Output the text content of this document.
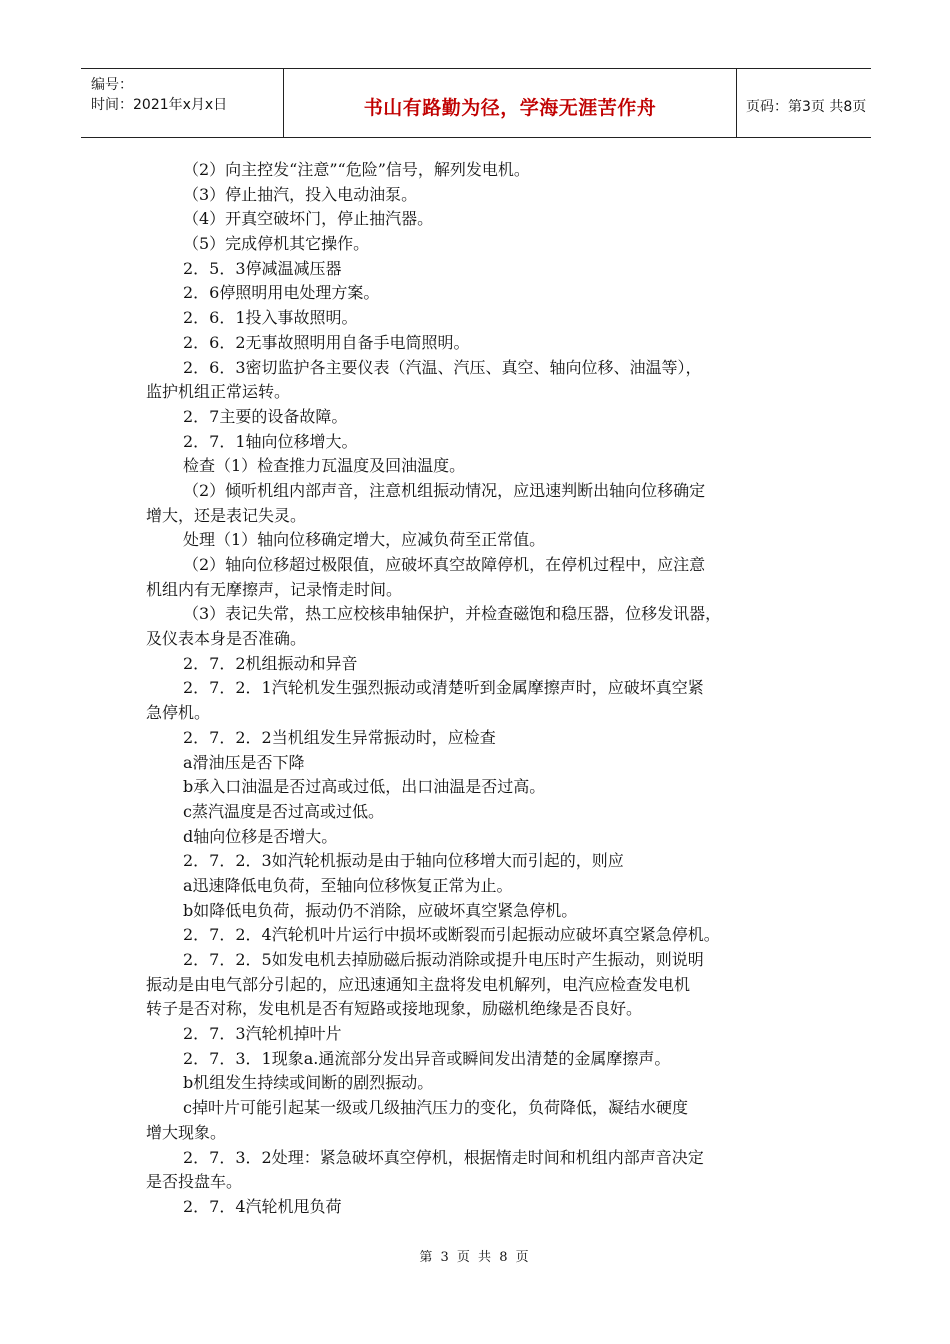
编号：
时间：2021年x月x日	书山有路勤为径，学海无涯苦作舟	页码：第3页 共8页
（2）向主控发“注意”“危险”信号，解列发电机。
（3）停止抽汽，投入电动油泵。
（4）开真空破坏门，停止抽汽器。
（5）完成停机其它操作。
2．5．3停减温减压器
2．6停照明用电处理方案。
2．6．1投入事故照明。
2．6．2无事故照明用自备手电筒照明。
2．6．3密切监护各主要仪表（汽温、汽压、真空、轴向位移、油温等），
监护机组正常运转。
2．7主要的设备故障。
2．7．1轴向位移增大。
检查（1）检查推力瓦温度及回油温度。
（2）倾听机组内部声音，注意机组振动情况，应迅速判断出轴向位移确定
增大，还是表记失灵。
处理（1）轴向位移确定增大，应减负荷至正常值。
（2）轴向位移超过极限值，应破坏真空故障停机，在停机过程中，应注意
机组内有无摩擦声，记录惰走时间。
（3）表记失常，热工应校核串轴保护，并检查磁饱和稳压器，位移发讯器，
及仪表本身是否准确。
2．7．2机组振动和异音
2．7．2．1汽轮机发生强烈振动或清楚听到金属摩擦声时，应破坏真空紧
急停机。
2．7．2．2当机组发生异常振动时，应检查
a滑油压是否下降
b承入口油温是否过高或过低，出口油温是否过高。
c蒸汽温度是否过高或过低。
d轴向位移是否增大。
2．7．2．3如汽轮机振动是由于轴向位移增大而引起的，则应
a迅速降低电负荷，至轴向位移恢复正常为止。
b如降低电负荷，振动仍不消除，应破坏真空紧急停机。
2．7．2．4汽轮机叶片运行中损坏或断裂而引起振动应破坏真空紧急停机。
2．7．2．5如发电机去掉励磁后振动消除或提升电压时产生振动，则说明
振动是由电气部分引起的，应迅速通知主盘将发电机解列，电汽应检查发电机
转子是否对称，发电机是否有短路或接地现象，励磁机绝缘是否良好。
2．7．3汽轮机掉叶片
2．7．3．1现象a.通流部分发出异音或瞬间发出清楚的金属摩擦声。
b机组发生持续或间断的剧烈振动。
c掉叶片可能引起某一级或几级抽汽压力的变化，负荷降低，凝结水硬度
增大现象。
2．7．3．2处理：紧急破坏真空停机，根据惰走时间和机组内部声音决定
是否投盘车。
2．7．4汽轮机甩负荷
第 3 页 共 8 页
